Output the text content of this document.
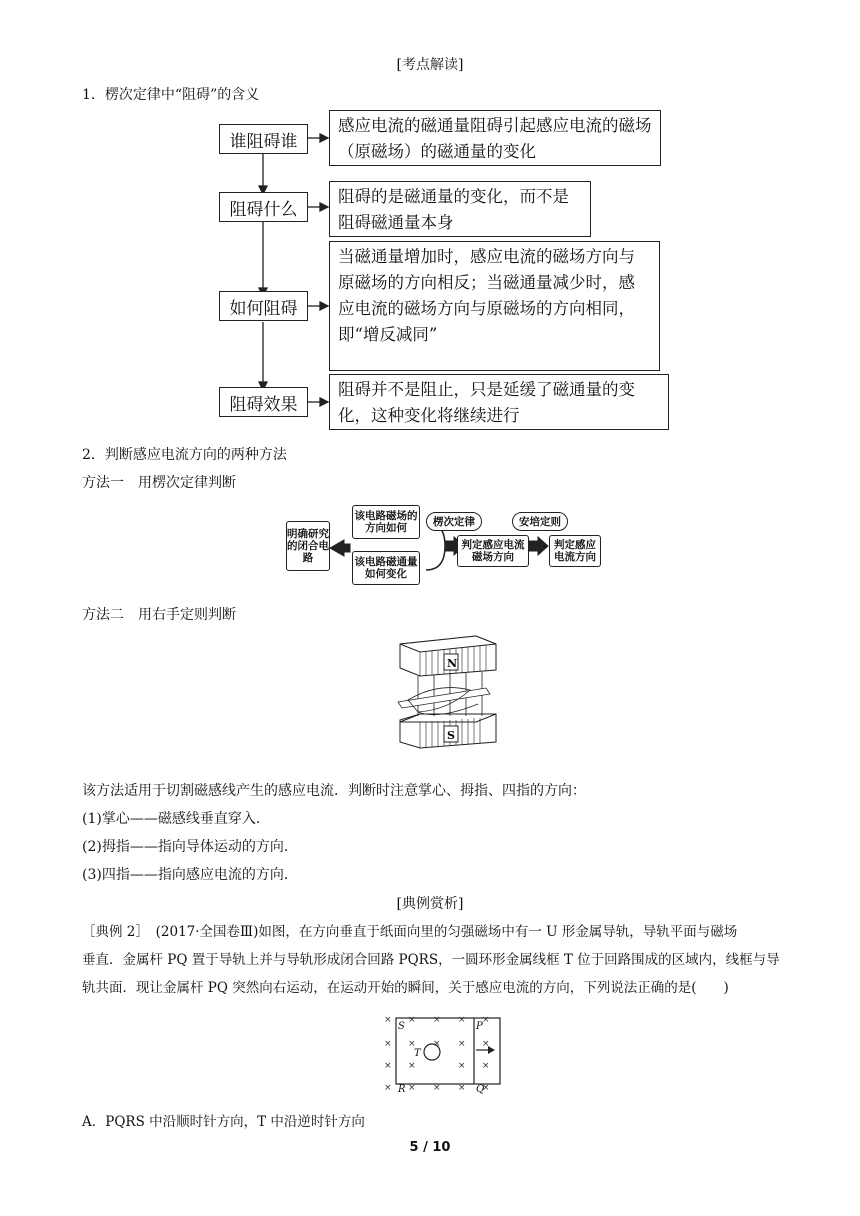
[考点解读]
1．楞次定律中“阻碍”的含义
谁阻碍谁
感应电流的磁通量阻碍引起感应电流的磁场（原磁场）的磁通量的变化
阻碍什么
阻碍的是磁通量的变化，而不是阻碍磁通量本身
如何阻碍
当磁通量增加时，感应电流的磁场方向与原磁场的方向相反；当磁通量减少时，感应电流的磁场方向与原磁场的方向相同，即“增反减同”
阻碍效果
阻碍并不是阻止，只是延缓了磁通量的变化，这种变化将继续进行
2．判断感应电流方向的两种方法
方法一　用楞次定律判断
明确研究的闭合电路
该电路磁场的方向如何
该电路磁通量如何变化
楞次定律
判定感应电流磁场方向
安培定则
判定感应电流方向
方法二　用右手定则判断
N
S
该方法适用于切割磁感线产生的感应电流．判断时注意掌心、拇指、四指的方向：
(1)掌心——磁感线垂直穿入．
(2)拇指——指向导体运动的方向．
(3)四指——指向感应电流的方向．
[典例赏析]
［典例 2］　(2017·全国卷Ⅲ)如图，在方向垂直于纸面向里的匀强磁场中有一 U 形金属导轨，导轨平面与磁场
垂直．金属杆 PQ 置于导轨上并与导轨形成闭合回路 PQRS，一圆环形金属线框 T 位于回路围成的区域内，线框与导
轨共面．现让金属杆 PQ 突然向右运动，在运动开始的瞬间，关于感应电流的方向，下列说法正确的是(　　)
× × × × ×
× ×	×
× ×	× ×
× × × × ×
×	×
S	P
R	Q
T
A．PQRS 中沿顺时针方向，T 中沿逆时针方向
5 / 10
